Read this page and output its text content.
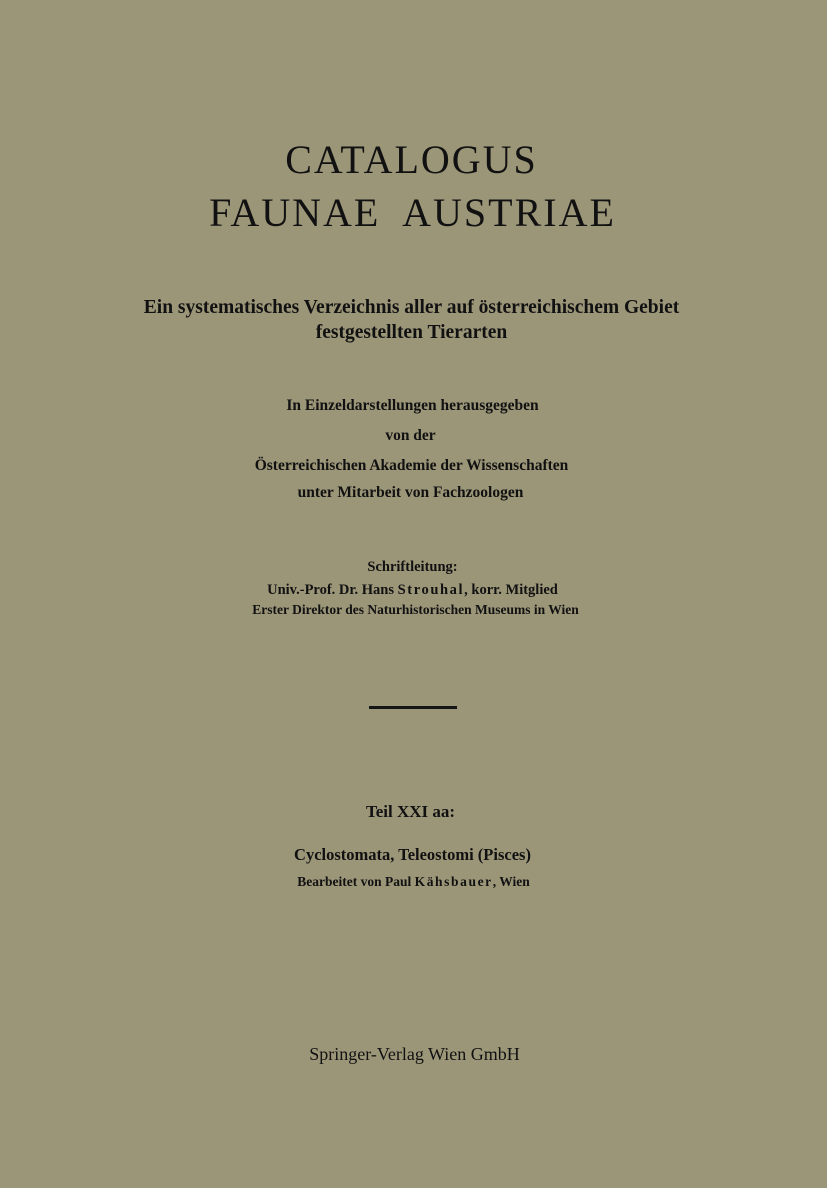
CATALOGUS
FAUNAE  AUSTRIAE
Ein systematisches Verzeichnis aller auf österreichischem Gebiet
festgestellten Tierarten
In Einzeldarstellungen herausgegeben
von der
Österreichischen Akademie der Wissenschaften
unter Mitarbeit von Fachzoologen
Schriftleitung:
Univ.-Prof. Dr. Hans Strouhal, korr. Mitglied
Erster Direktor des Naturhistorischen Museums in Wien
Teil XXI aa:
Cyclostomata, Teleostomi (Pisces)
Bearbeitet von Paul Kähsbauer, Wien
Springer-Verlag Wien GmbH
